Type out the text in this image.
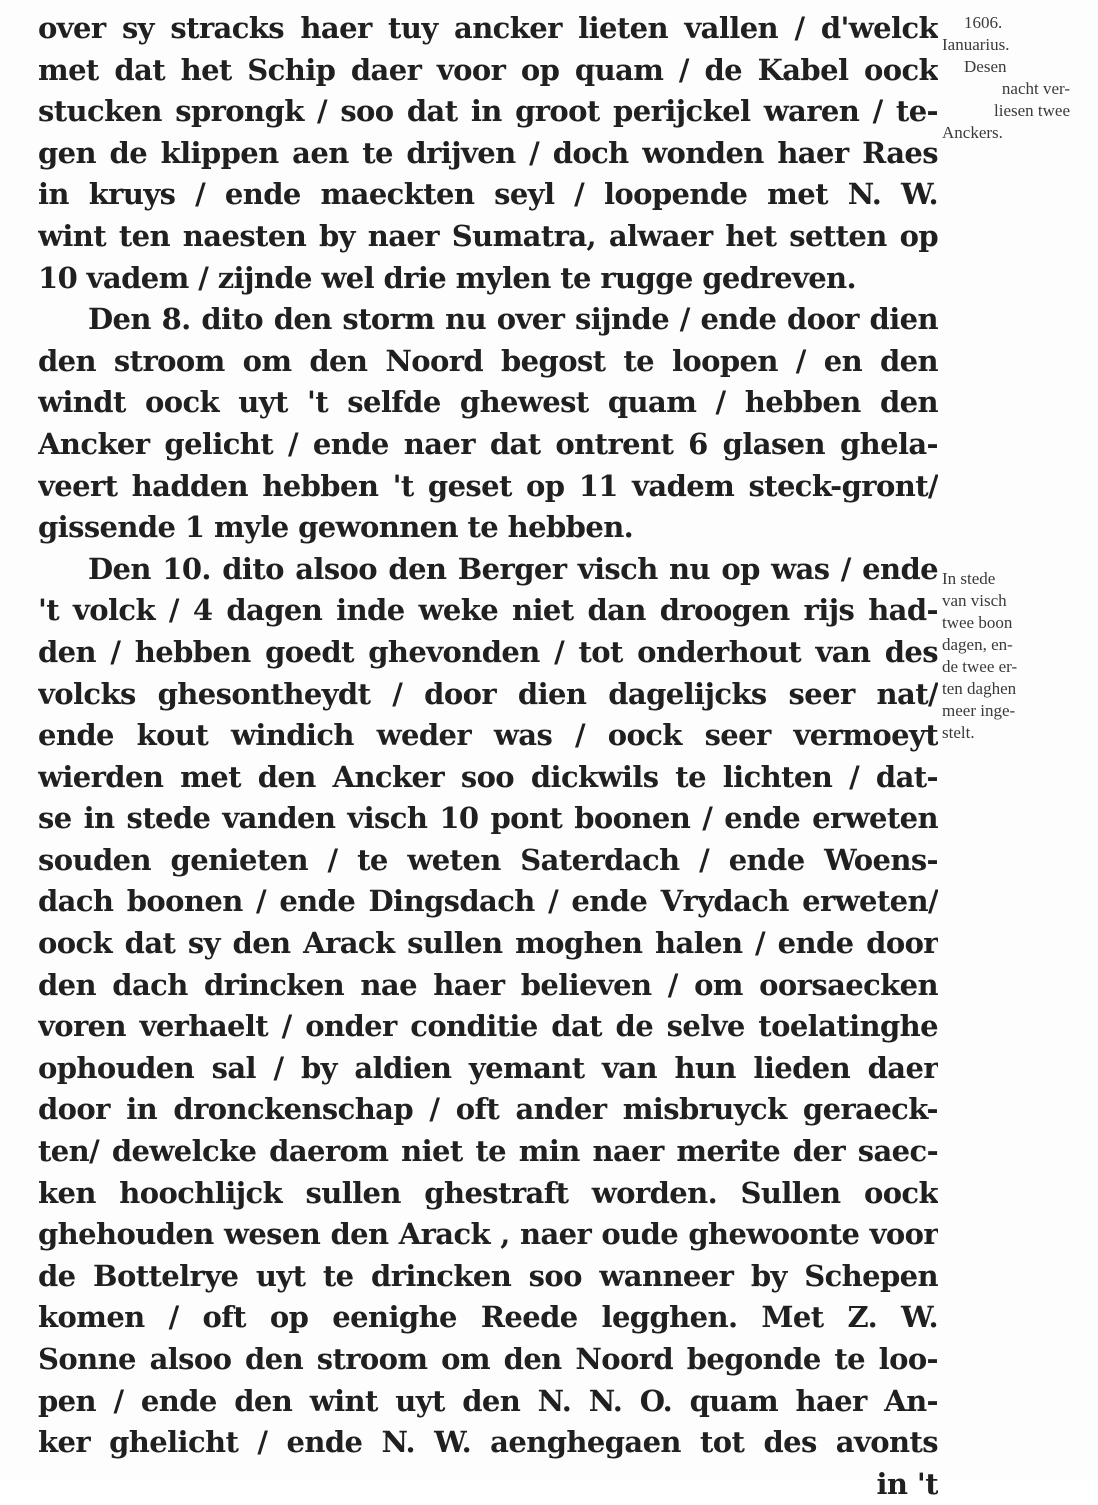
over sy stracks haer tuy ancker lieten vallen / d'welck
met dat het Schip daer voor op quam / de Kabel oock
stucken sprongk / soo dat in groot perijckel waren / te-
gen de klippen aen te drijven / doch wonden haer Raes
in kruys / ende maeckten seyl / loopende met N. W.
wint ten naesten by naer Sumatra, alwaer het setten op
10 vadem / zijnde wel drie mylen te rugge gedreven.
Den 8. dito den storm nu over sijnde / ende door dien
den stroom om den Noord begost te loopen / en den
windt oock uyt 't selfde ghewest quam / hebben den
Ancker gelicht / ende naer dat ontrent 6 glasen ghela-
veert hadden hebben 't geset op 11 vadem steck-gront/
gissende 1 myle gewonnen te hebben.
Den 10. dito alsoo den Berger visch nu op was / ende
't volck / 4 dagen inde weke niet dan droogen rijs had-
den / hebben goedt ghevonden / tot onderhout van des
volcks ghesontheydt / door dien dagelijcks seer nat/
ende kout windich weder was / oock seer vermoeyt
wierden met den Ancker soo dickwils te lichten / dat-
se in stede vanden visch 10 pont boonen / ende erweten
souden genieten / te weten Saterdach / ende Woens-
dach boonen / ende Dingsdach / ende Vrydach erweten/
oock dat sy den Arack sullen moghen halen / ende door
den dach drincken nae haer believen / om oorsaecken
voren verhaelt / onder conditie dat de selve toelatinghe
ophouden sal / by aldien yemant van hun lieden daer
door in dronckenschap / oft ander misbruyck geraeck-
ten/ dewelcke daerom niet te min naer merite der saec-
ken hoochlijck sullen ghestraft worden. Sullen oock
ghehouden wesen den Arack , naer oude ghewoonte voor
de Bottelrye uyt te drincken soo wanneer by Schepen
komen / oft op eenighe Reede legghen. Met Z. W.
Sonne alsoo den stroom om den Noord begonde te loo-
pen / ende den wint uyt den N. N. O. quam haer An-
ker ghelicht / ende N. W. aenghegaen tot des avonts
in 't
1606.
Ianuarius.
Desen
nacht ver-
liesen twee
Anckers.
In stede
van visch
twee boon
dagen, en-
de twee er-
ten daghen
meer inge-
stelt.
